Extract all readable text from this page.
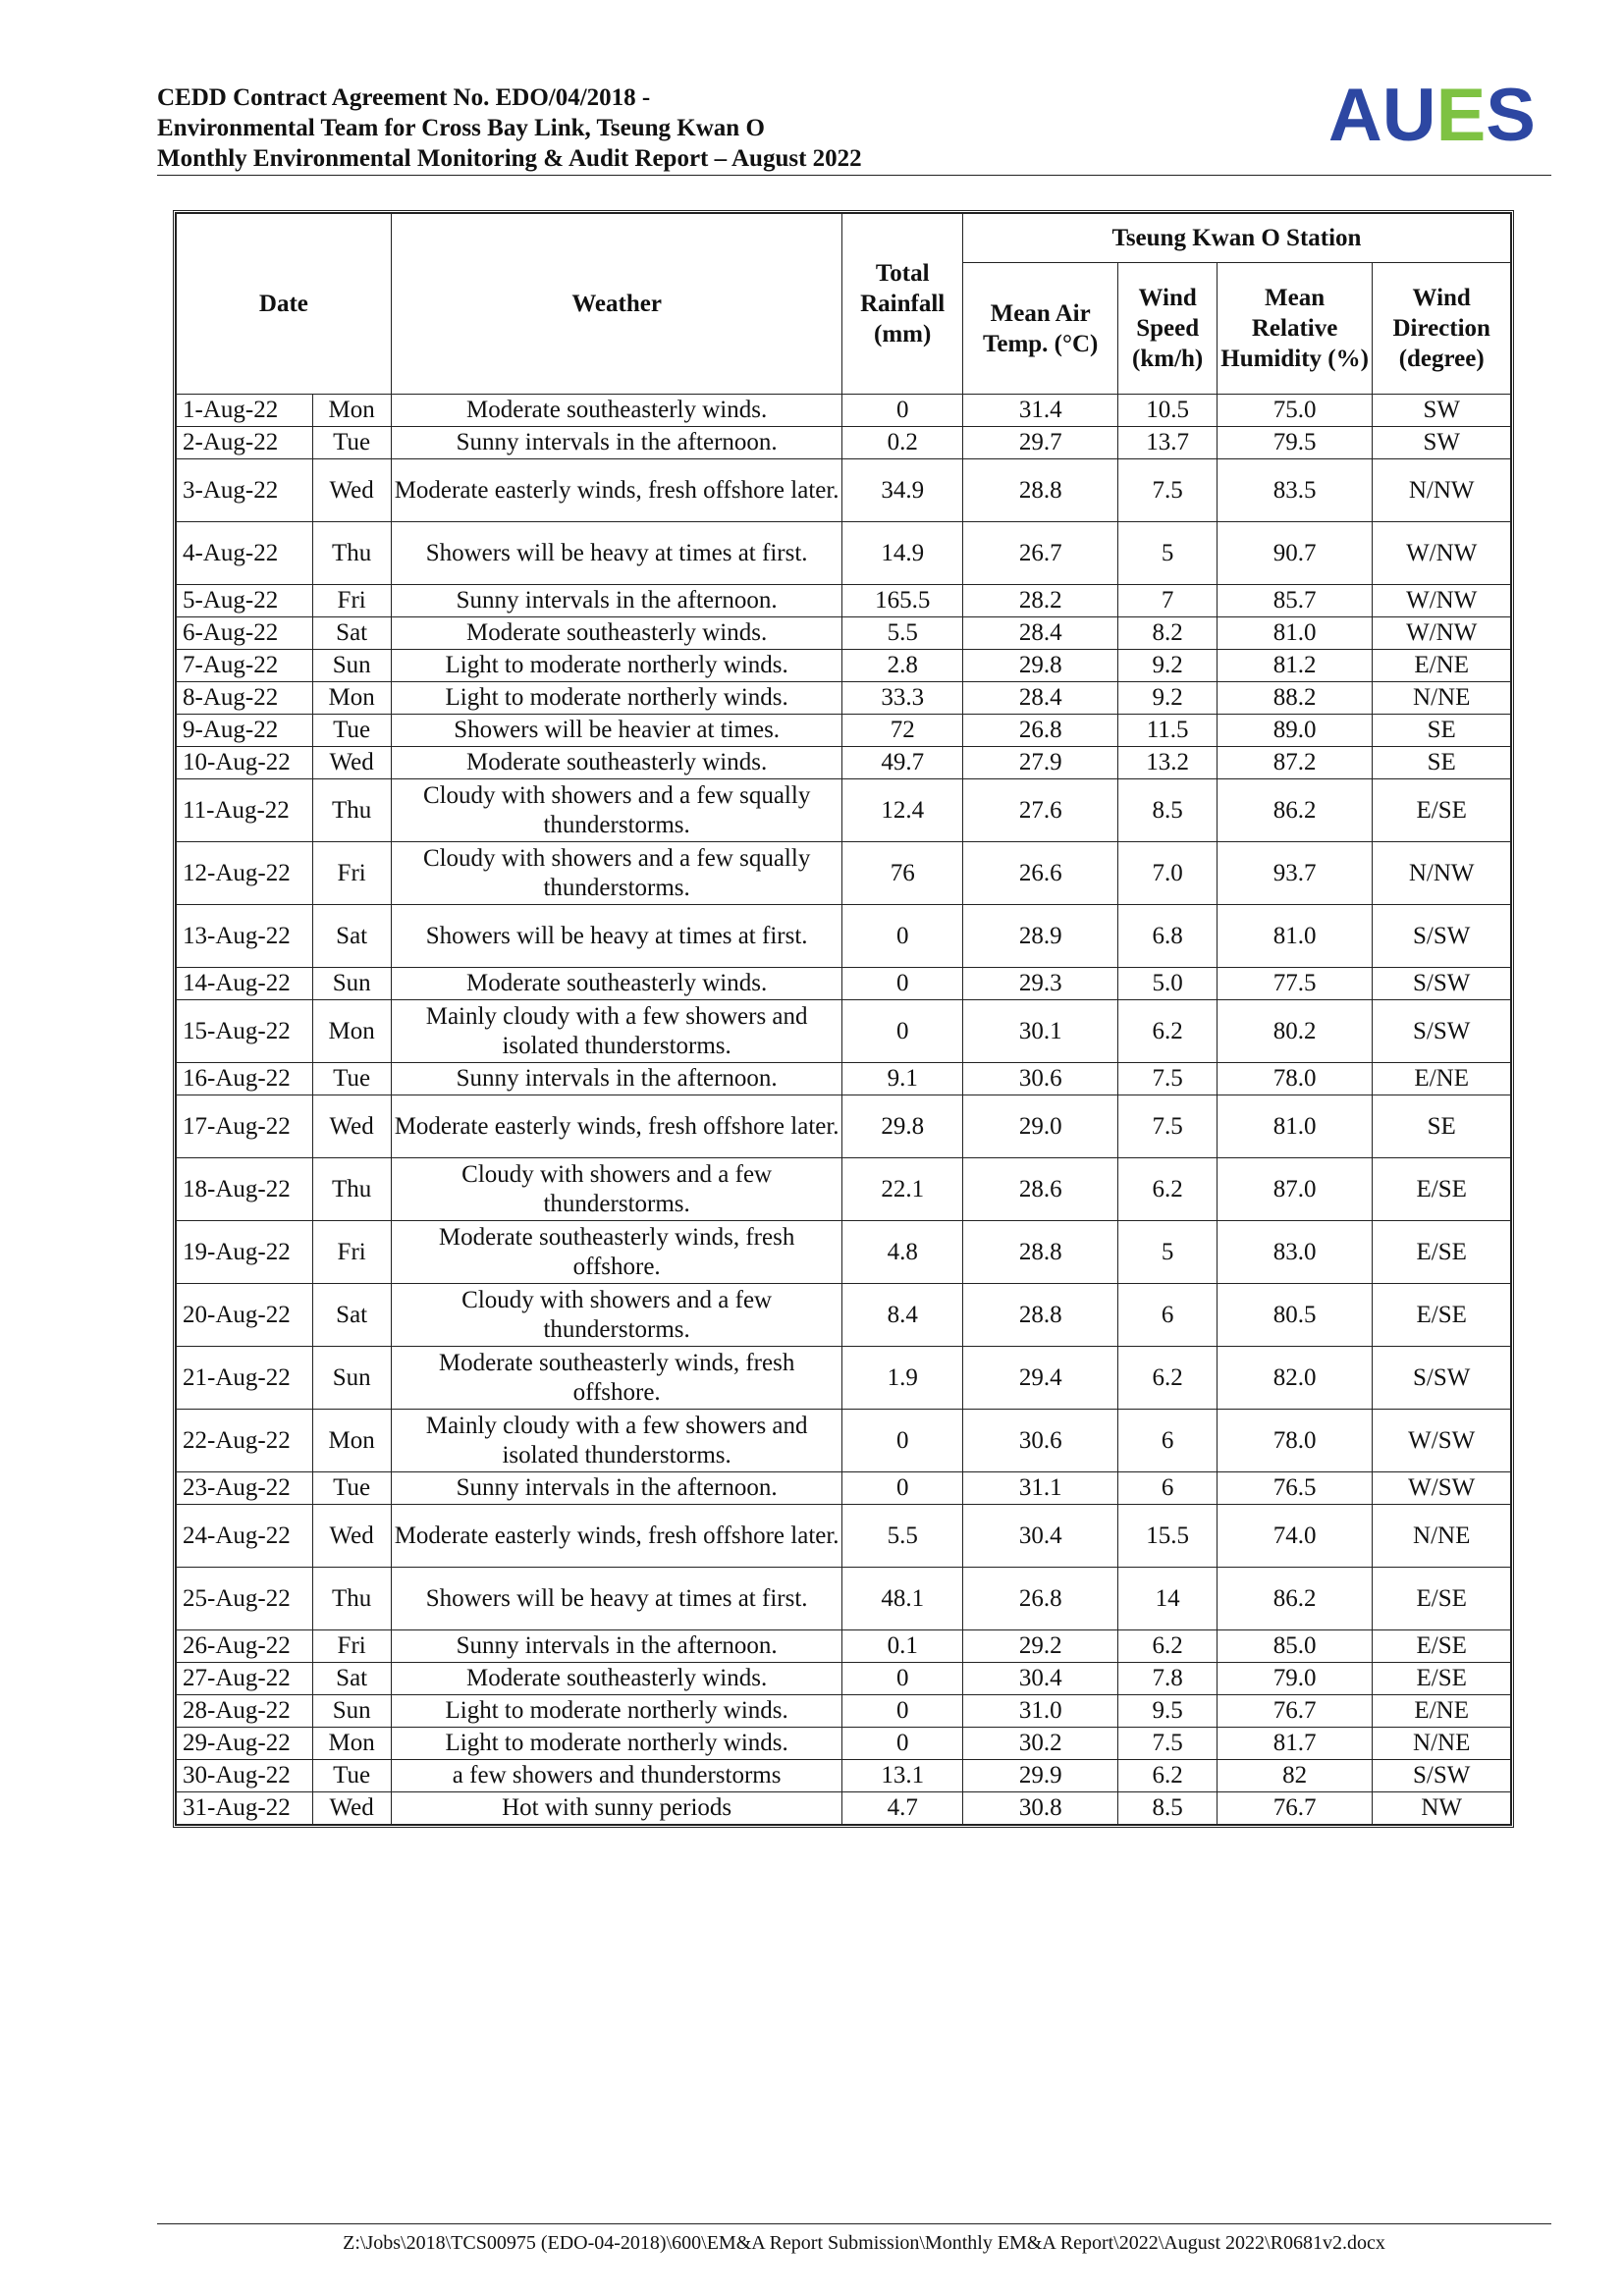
CEDD Contract Agreement No. EDO/04/2018 -
Environmental Team for Cross Bay Link, Tseung Kwan O
Monthly Environmental Monitoring & Audit Report – August 2022
AUES
Date		Weather	Total Rainfall (mm)	Tseung Kwan O Station			
				Mean Air Temp. (°C)	Wind Speed (km/h)	Mean Relative Humidity (%)	Wind Direction (degree)
1-Aug-22	Mon	Moderate southeasterly winds.	0	31.4	10.5	75.0	SW
2-Aug-22	Tue	Sunny intervals in the afternoon.	0.2	29.7	13.7	79.5	SW
3-Aug-22	Wed	Moderate easterly winds, fresh offshore later.	34.9	28.8	7.5	83.5	N/NW
4-Aug-22	Thu	Showers will be heavy at times at first.	14.9	26.7	5	90.7	W/NW
5-Aug-22	Fri	Sunny intervals in the afternoon.	165.5	28.2	7	85.7	W/NW
6-Aug-22	Sat	Moderate southeasterly winds.	5.5	28.4	8.2	81.0	W/NW
7-Aug-22	Sun	Light to moderate northerly winds.	2.8	29.8	9.2	81.2	E/NE
8-Aug-22	Mon	Light to moderate northerly winds.	33.3	28.4	9.2	88.2	N/NE
9-Aug-22	Tue	Showers will be heavier at times.	72	26.8	11.5	89.0	SE
10-Aug-22	Wed	Moderate southeasterly winds.	49.7	27.9	13.2	87.2	SE
11-Aug-22	Thu	Cloudy with showers and a few squally thunderstorms.	12.4	27.6	8.5	86.2	E/SE
12-Aug-22	Fri	Cloudy with showers and a few squally thunderstorms.	76	26.6	7.0	93.7	N/NW
13-Aug-22	Sat	Showers will be heavy at times at first.	0	28.9	6.8	81.0	S/SW
14-Aug-22	Sun	Moderate southeasterly winds.	0	29.3	5.0	77.5	S/SW
15-Aug-22	Mon	Mainly cloudy with a few showers and isolated thunderstorms.	0	30.1	6.2	80.2	S/SW
16-Aug-22	Tue	Sunny intervals in the afternoon.	9.1	30.6	7.5	78.0	E/NE
17-Aug-22	Wed	Moderate easterly winds, fresh offshore later.	29.8	29.0	7.5	81.0	SE
18-Aug-22	Thu	Cloudy with showers and a few thunderstorms.	22.1	28.6	6.2	87.0	E/SE
19-Aug-22	Fri	Moderate southeasterly winds, fresh offshore.	4.8	28.8	5	83.0	E/SE
20-Aug-22	Sat	Cloudy with showers and a few thunderstorms.	8.4	28.8	6	80.5	E/SE
21-Aug-22	Sun	Moderate southeasterly winds, fresh offshore.	1.9	29.4	6.2	82.0	S/SW
22-Aug-22	Mon	Mainly cloudy with a few showers and isolated thunderstorms.	0	30.6	6	78.0	W/SW
23-Aug-22	Tue	Sunny intervals in the afternoon.	0	31.1	6	76.5	W/SW
24-Aug-22	Wed	Moderate easterly winds, fresh offshore later.	5.5	30.4	15.5	74.0	N/NE
25-Aug-22	Thu	Showers will be heavy at times at first.	48.1	26.8	14	86.2	E/SE
26-Aug-22	Fri	Sunny intervals in the afternoon.	0.1	29.2	6.2	85.0	E/SE
27-Aug-22	Sat	Moderate southeasterly winds.	0	30.4	7.8	79.0	E/SE
28-Aug-22	Sun	Light to moderate northerly winds.	0	31.0	9.5	76.7	E/NE
29-Aug-22	Mon	Light to moderate northerly winds.	0	30.2	7.5	81.7	N/NE
30-Aug-22	Tue	a few showers and thunderstorms	13.1	29.9	6.2	82	S/SW
31-Aug-22	Wed	Hot with sunny periods	4.7	30.8	8.5	76.7	NW
Z:\Jobs\2018\TCS00975 (EDO-04-2018)\600\EM&A Report Submission\Monthly EM&A Report\2022\August 2022\R0681v2.docx
